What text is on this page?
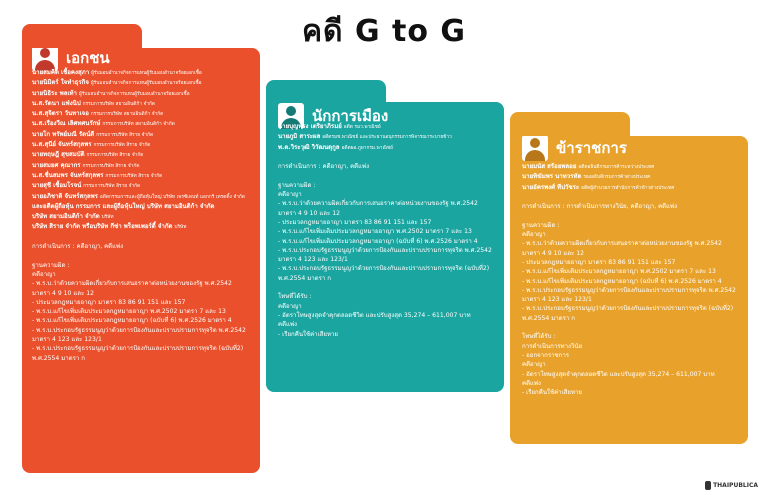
คดี G to G
เอกชน
นายสมคิด เชื้อคงสุภา ผู้รับมอบอำนาจกิจการแทนผู้รับมอบอำนาจร้อยเอกเชื้อ
นายนิมิตร์ ใจทำธุรกิจ ผู้รับมอบอำนาจกิจการแทนผู้รับมอบอำนาจร้อยเอกเชื้อ
นายนิธิระ พลเท้า ผู้รับมอบอำนาจกิจการแทนผู้รับมอบอำนาจร้อยเอกเชื้อ
น.ส.รัตนา แฟ่งนิป กรรมการบริษัท สยามอินดิก้า จำกัด
น.ส.สุจิตรา วันทาเจอ กรรมการบริษัท สยามอินดิก้า จำกัด
น.ส.เรืองวีณ เลิศทศนรักษ์ กรรมการบริษัท สยามอินดิก้า จำกัด
นายโก ทรัพย์มณี รัตน์ดี กรรมการบริษัท สิราย จำกัด
น.ส.สุนีย์ จันทร์สกุลพร กรรมการบริษัท สิราย จำกัด
นายทฤษฎี สุขสมบัติ กรรมการบริษัท สิราย จำกัด
นายสมยศ คุณากร กรรมการบริษัท สิราย จำกัด
น.ส.ชื่นสมพร จันทร์สกุลพร กรรมการบริษัท สิราย จำกัด
นายสุชี เชื้อมโรจน์ กรรมการบริษัท สิราย จำกัด
นายอภิชาติ จันทร์สกุลพร อดีตกรรมการและผู้ถือหุ้นใหญ่ บริษัท เพรซิเดนท์ แอกกริ เทรดดิ้ง จำกัด
และอดีตผู้ถือหุ้น กรรมการ และผู้ถือหุ้นใหญ่ บริษัท สยามอินดิก้า จำกัด
บริษัท สยามอินดิก้า จำกัด บริษัท
บริษัท สิราย จำกัด หรือบริษัท กีซ่า พร็อพเพอร์ตี้ จำกัด บริษัท
การดำเนินการ : คดีอาญา, คดีแพ่ง
ฐานความผิด :
คดีอาญา
- พ.ร.บ.ว่าด้วยความผิดเกี่ยวกับการเสนอราคาต่อหน่วยงานของรัฐ พ.ศ.2542
มาตรา 4 9 10 และ 12
- ประมวลกฎหมายอาญา มาตรา 83 86 91 151 และ 157
- พ.ร.บ.แก้ไขเพิ่มเติมประมวลกฎหมายอาญา พ.ศ.2502 มาตรา 7 และ 13
- พ.ร.บ.แก้ไขเพิ่มเติมประมวลกฎหมายอาญา (ฉบับที่ 6) พ.ศ.2526 มาตรา 4
- พ.ร.บ.ประกอบรัฐธรรมนูญว่าด้วยการป้องกันและปราบปรามการทุจริต พ.ศ.2542
มาตรา 4 123 และ 123/1
- พ.ร.บ.ประกอบรัฐธรรมนูญว่าด้วยการป้องกันและปราบปรามการทุจริต (ฉบับที่2)
พ.ศ.2554 มาตรา ก
นักการเมือง
นายบุญทรง เตริยาภิรมย์ อดีต รมว.พาณิชย์
นายภูมิ สาระผล อดีตรมช.พาณิชย์ และประธานอนุกรรมการพิจารณาระบายข้าว
พ.ต.วิระวุฒิ วิวัฒนดุกูล อดีตผอ.ภูผากรม.พาณิชย์
การดำเนินการ : คดีอาญา, คดีแพ่ง
ฐานความผิด :
คดีอาญา
- พ.ร.บ.ว่าด้วยความผิดเกี่ยวกับการเสนอราคาต่อหน่วยงานของรัฐ พ.ศ.2542
มาตรา 4 9 10 และ 12
- ประมวลกฎหมายอาญา มาตรา 83 86 91 151 และ 157
- พ.ร.บ.แก้ไขเพิ่มเติมประมวลกฎหมายอาญา พ.ศ.2502 มาตรา 7 และ 13
- พ.ร.บ.แก้ไขเพิ่มเติมประมวลกฎหมายอาญา (ฉบับที่ 6) พ.ศ.2526 มาตรา 4
- พ.ร.บ.ประกอบรัฐธรรมนูญว่าด้วยการป้องกันและปราบปรามการทุจริต พ.ศ.2542
มาตรา 4 123 และ 123/1
- พ.ร.บ.ประกอบรัฐธรรมนูญว่าด้วยการป้องกันและปราบปรามการทุจริต (ฉบับที่2)
พ.ศ.2554 มาตรา ก
โทษที่ได้รับ :
คดีอาญา
- อัตราโทษสูงสุดจำคุกตลอดชีวิต และปรับสูงสุด 35,274 – 611,007 บาท
คดีแพ่ง
- เรียกคืนใช้ค่าเสียหาย
ข้าราชการ
นายมนัส สร้อยพลอย อดีตอธิบดีกรมการค้าระหว่างประเทศ
นายทิฆัมพร นาทวรทัต รองอธิบดีกรมการค้าต่างประเทศ
นายอัครพงศ์ ทีปวัชระ อดีตผู้อำนวยการสำนักการค้าข้าวต่างประเทศ
การดำเนินการ : การดำเนินการทางวินัย, คดีอาญา, คดีแพ่ง
ฐานความผิด :
คดีอาญา
- พ.ร.บ.ว่าด้วยความผิดเกี่ยวกับการเสนอราคาต่อหน่วยงานของรัฐ พ.ศ.2542
มาตรา 4 9 10 และ 12
- ประมวลกฎหมายอาญา มาตรา 83 86 91 151 และ 157
- พ.ร.บ.แก้ไขเพิ่มเติมประมวลกฎหมายอาญา พ.ศ.2502 มาตรา 7 และ 13
- พ.ร.บ.แก้ไขเพิ่มเติมประมวลกฎหมายอาญา (ฉบับที่ 6) พ.ศ.2526 มาตรา 4
- พ.ร.บ.ประกอบรัฐธรรมนูญว่าด้วยการป้องกันและปราบปรามการทุจริต พ.ศ.2542
มาตรา 4 123 และ 123/1
- พ.ร.บ.ประกอบรัฐธรรมนูญว่าด้วยการป้องกันและปราบปรามการทุจริต (ฉบับที่2)
พ.ศ.2554 มาตรา ก
โทษที่ได้รับ :
การดำเนินการทางวินัย
- ออกจากราชการ
คดีอาญา
- อัตราโทษสูงสุดจำคุกตลอดชีวิต และปรับสูงสุด 35,274 – 611,007 บาท
คดีแพ่ง
- เรียกคืนใช้ค่าเสียหาย
THAIPUBLICA
